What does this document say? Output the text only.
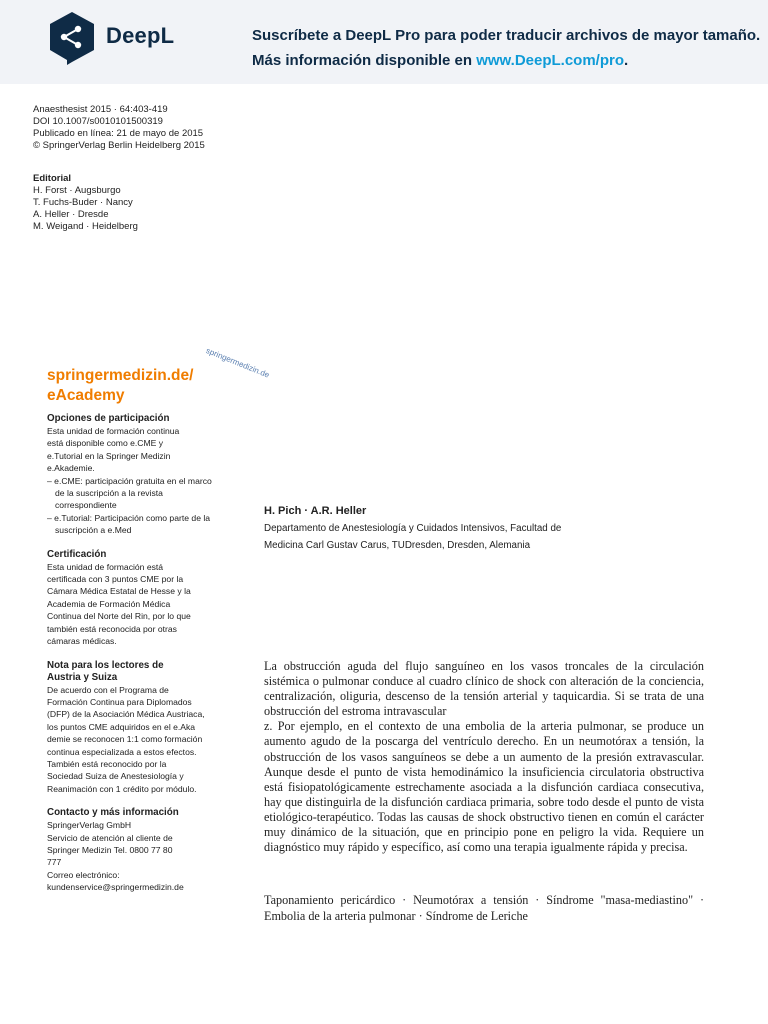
DeepL	Suscríbete a DeepL Pro para poder traducir archivos de mayor tamaño.
Más información disponible en www.DeepL.com/pro.
Anaesthesist 2015 · 64:403-419
DOI 10.1007/s0010101500319
Publicado en línea: 21 de mayo de 2015
© SpringerVerlag Berlin Heidelberg 2015
Editorial
H. Forst · Augsburgo
T. Fuchs-Buder · Nancy
A. Heller · Dresde
M. Weigand · Heidelberg
springermedizin.de
springermedizin.de/
eAcademy
Opciones de participación
Esta unidad de formación continua
está disponible como e.CME y
e.Tutorial en la Springer Medizin
e.Akademie.
– e.CME: participación gratuita en el marco de la suscripción a la revista correspondiente
– e.Tutorial: Participación como parte de la suscripción a e.Med
Certificación
Esta unidad de formación está
certificada con 3 puntos CME por la
Cámara Médica Estatal de Hesse y la
Academia de Formación Médica
Continua del Norte del Rin, por lo que
también está reconocida por otras
cámaras médicas.
Nota para los lectores de
Austria y Suiza
De acuerdo con el Programa de
Formación Continua para Diplomados
(DFP) de la Asociación Médica Austriaca,
los puntos CME adquiridos en el e.Aka
demie se reconocen 1:1 como formación
continua especializada a estos efectos.
También está reconocido por la
Sociedad Suiza de Anestesiología y
Reanimación con 1 crédito por módulo.
Contacto y más información
SpringerVerlag GmbH
Servicio de atención al cliente de
Springer Medizin Tel. 0800 77 80
777
Correo electrónico:
kundenservice@springermedizin.de
H. Pich · A.R. Heller
Departamento de Anestesiología y Cuidados Intensivos, Facultad de
Medicina Carl Gustav Carus, TUDresden, Dresden, Alemania
La obstrucción aguda del flujo sanguíneo en los vasos troncales de la circulación sistémica o pulmonar conduce al cuadro clínico de shock con alteración de la conciencia, centralización, oliguria, descenso de la tensión arterial y taquicardia. Si se trata de una obstrucción del estroma intravascular
z. Por ejemplo, en el contexto de una embolia de la arteria pulmonar, se produce un aumento agudo de la poscarga del ventrículo derecho. En un neumotórax a tensión, la obstrucción de los vasos sanguíneos se debe a un aumento de la presión extravascular. Aunque desde el punto de vista hemodinámico la insuficiencia circulatoria obstructiva está fisiopatológicamente estrechamente asociada a la disfunción cardiaca consecutiva, hay que distinguirla de la disfunción cardiaca primaria, sobre todo desde el punto de vista etiológico-terapéutico. Todas las causas de shock obstructivo tienen en común el carácter muy dinámico de la situación, que en principio pone en peligro la vida. Requiere un diagnóstico muy rápido y específico, así como una terapia igualmente rápida y precisa.
Taponamiento pericárdico · Neumotórax a tensión · Síndrome "masa-mediastino" · Embolia de la arteria pulmonar · Síndrome de Leriche
